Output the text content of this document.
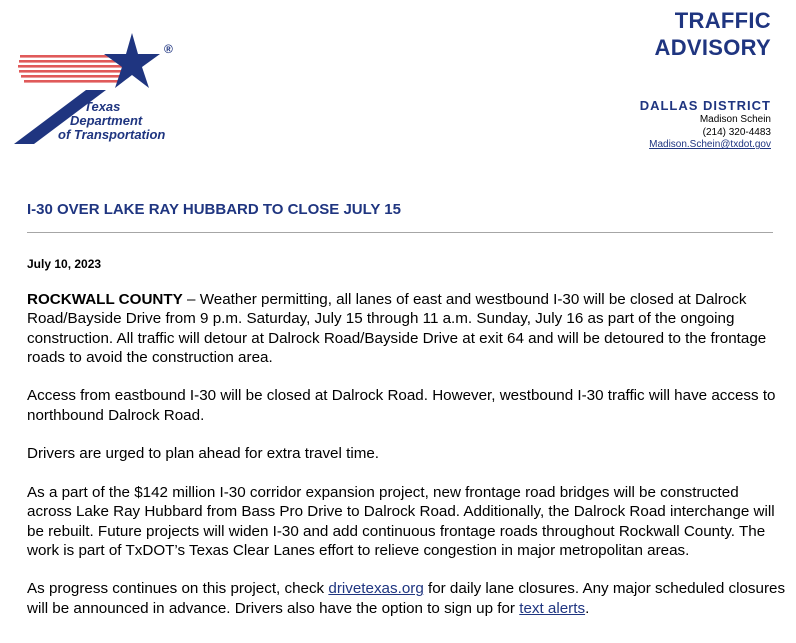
®
Texas
Department
of Transportation
TRAFFIC
ADVISORY
DALLAS DISTRICT
Madison Schein
(214) 320-4483
Madison.Schein@txdot.gov
I-30 OVER LAKE RAY HUBBARD TO CLOSE JULY 15
July 10, 2023

ROCKWALL COUNTY – Weather permitting, all lanes of east and westbound I-30 will be closed at Dalrock Road/Bayside Drive from 9 p.m. Saturday, July 15 through 11 a.m. Sunday, July 16 as part of the ongoing construction. All traffic will detour at Dalrock Road/Bayside Drive at exit 64 and will be detoured to the frontage roads to avoid the construction area.

Access from eastbound I-30 will be closed at Dalrock Road. However, westbound I-30 traffic will have access to northbound Dalrock Road.

Drivers are urged to plan ahead for extra travel time.

As a part of the $142 million I-30 corridor expansion project, new frontage road bridges will be constructed across Lake Ray Hubbard from Bass Pro Drive to Dalrock Road. Additionally, the Dalrock Road interchange will be rebuilt. Future projects will widen I-30 and add continuous frontage roads throughout Rockwall County. The work is part of TxDOT’s Texas Clear Lanes effort to relieve congestion in major metropolitan areas.

As progress continues on this project, check drivetexas.org for daily lane closures. Any major scheduled closures will be announced in advance. Drivers also have the option to sign up for text alerts.
